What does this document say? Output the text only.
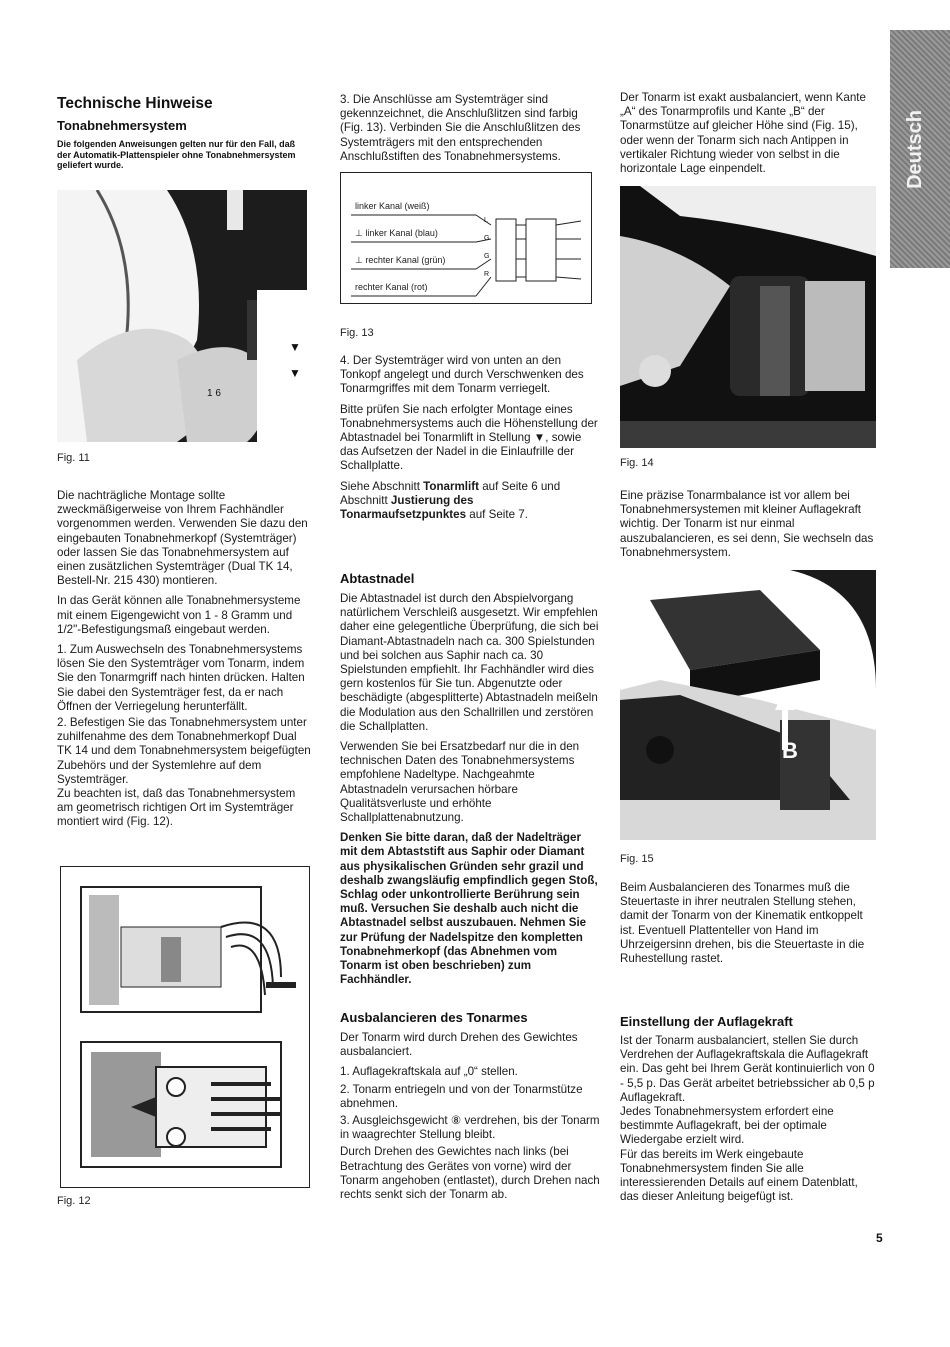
Deutsch
Technische Hinweise
Tonabnehmersystem
Die folgenden Anweisungen gelten nur für den Fall, daß der Automatik-Plattenspieler ohne Tonabnehmersystem geliefert wurde.
▼
▼
1 6
Fig. 11

Die nachträgliche Montage sollte zweckmäßigerweise von Ihrem Fachhändler vorgenommen werden. Verwenden Sie dazu den eingebauten Tonabnehmerkopf (Systemträger) oder lassen Sie das Tonabnehmersystem auf einen zusätzlichen Systemträger (Dual TK 14, Bestell-Nr. 215 430) montieren.

In das Gerät können alle Tonabnehmersysteme mit einem Eigengewicht von 1 - 8 Gramm und 1/2"-Befestigungsmaß eingebaut werden.

1. Zum Auswechseln des Tonabnehmersystems lösen Sie den Systemträger vom Tonarm, indem Sie den Tonarmgriff nach hinten drücken. Halten Sie dabei den Systemträger fest, da er nach Öffnen der Verriegelung herunterfällt.

2. Befestigen Sie das Tonabnehmersystem unter zuhilfenahme des dem Tonabnehmerkopf Dual TK 14 und dem Tonabnehmersystem beigefügten Zubehörs und der Systemlehre auf dem Systemträger.

Zu beachten ist, daß das Tonabnehmersystem am geometrisch richtigen Ort im Systemträger montiert wird (Fig. 12).

Fig. 12
3. Die Anschlüsse am Systemträger sind gekennzeichnet, die Anschlußlitzen sind farbig (Fig. 13). Verbinden Sie die Anschlußlitzen des Systemträgers mit den entsprechenden Anschlußstiften des Tonabnehmersystems.
linker Kanal (weiß)
⊥ linker Kanal (blau)
⊥ rechter Kanal (grün)
rechter Kanal (rot)
L
G
G
R
Fig. 13

4. Der Systemträger wird von unten an den Tonkopf angelegt und durch Verschwenken des Tonarmgriffes mit dem Tonarm verriegelt.

Bitte prüfen Sie nach erfolgter Montage eines Tonabnehmersystems auch die Höhenstellung der Abtastnadel bei Tonarmlift in Stellung ▼, sowie das Aufsetzen der Nadel in die Einlaufrille der Schallplatte.

Siehe Abschnitt Tonarmlift auf Seite 6 und Abschnitt Justierung des Tonarmaufsetzpunktes auf Seite 7.

Abtastnadel

Die Abtastnadel ist durch den Abspielvorgang natürlichem Verschleiß ausgesetzt. Wir empfehlen daher eine gelegentliche Überprüfung, die sich bei Diamant-Abtastnadeln nach ca. 300 Spielstunden und bei solchen aus Saphir nach ca. 30 Spielstunden empfiehlt. Ihr Fachhändler wird dies gern kostenlos für Sie tun. Abgenutzte oder beschädigte (abgesplitterte) Abtastnadeln meißeln die Modulation aus den Schallrillen und zerstören die Schallplatten.

Verwenden Sie bei Ersatzbedarf nur die in den technischen Daten des Tonabnehmersystems empfohlene Nadeltype. Nachgeahmte Abtastnadeln verursachen hörbare Qualitätsverluste und erhöhte Schallplattenabnutzung.

Denken Sie bitte daran, daß der Nadelträger mit dem Abtaststift aus Saphir oder Diamant aus physikalischen Gründen sehr grazil und deshalb zwangsläufig empfindlich gegen Stoß, Schlag oder unkontrollierte Berührung sein muß. Versuchen Sie deshalb auch nicht die Abtastnadel selbst auszubauen. Nehmen Sie zur Prüfung der Nadelspitze den kompletten Tonabnehmerkopf (das Abnehmen vom Tonarm ist oben beschrieben) zum Fachhändler.

Ausbalancieren des Tonarmes

Der Tonarm wird durch Drehen des Gewichtes ausbalanciert.

1. Auflagekraftskala auf „0“ stellen.

2. Tonarm entriegeln und von der Tonarmstütze abnehmen.

3. Ausgleichsgewicht ⑧ verdrehen, bis der Tonarm in waagrechter Stellung bleibt.

Durch Drehen des Gewichtes nach links (bei Betrachtung des Gerätes von vorne) wird der Tonarm angehoben (entlastet), durch Drehen nach rechts senkt sich der Tonarm ab.

Der Tonarm ist exakt ausbalanciert, wenn Kante „A“ des Tonarmprofils und Kante „B“ der Tonarmstütze auf gleicher Höhe sind (Fig. 15), oder wenn der Tonarm sich nach Antippen in vertikaler Richtung wieder von selbst in die horizontale Lage einpendelt.
Fig. 14
Eine präzise Tonarmbalance ist vor allem bei Tonabnehmersystemen mit kleiner Auflagekraft wichtig. Der Tonarm ist nur einmal auszubalancieren, es sei denn, Sie wechseln das Tonabnehmersystem.
B
Fig. 15
Beim Ausbalancieren des Tonarmes muß die Steuertaste in ihrer neutralen Stellung stehen, damit der Tonarm von der Kinematik entkoppelt ist. Eventuell Plattenteller von Hand im Uhrzeigersinn drehen, bis die Steuertaste in die Ruhestellung rastet.
Einstellung der Auflagekraft

Ist der Tonarm ausbalanciert, stellen Sie durch Verdrehen der Auflagekraftskala die Auflagekraft ein. Das geht bei Ihrem Gerät kontinuierlich von 0 - 5,5 p. Das Gerät arbeitet betriebssicher ab 0,5 p Auflagekraft.

Jedes Tonabnehmersystem erfordert eine bestimmte Auflagekraft, bei der optimale Wiedergabe erzielt wird.

Für das bereits im Werk eingebaute Tonabnehmersystem finden Sie alle interessierenden Details auf einem Datenblatt, das dieser Anleitung beigefügt ist.

5
